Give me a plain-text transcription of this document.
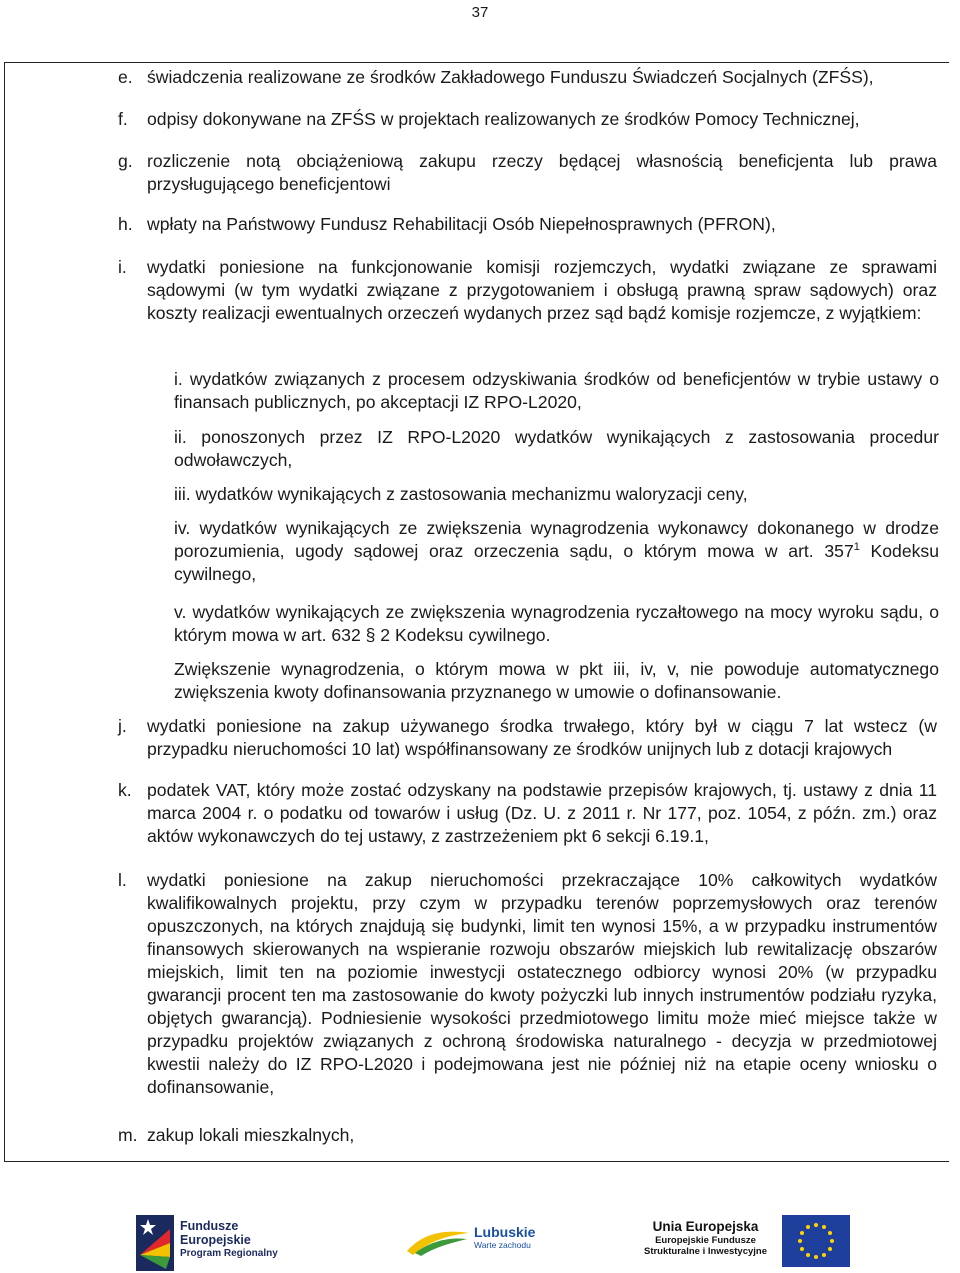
37
e. świadczenia realizowane ze środków Zakładowego Funduszu Świadczeń Socjalnych (ZFŚS),
f. odpisy dokonywane na ZFŚS w projektach realizowanych ze środków Pomocy Technicznej,
g. rozliczenie notą obciążeniową zakupu rzeczy będącej własnością beneficjenta lub prawa przysługującego beneficjentowi
h. wpłaty na Państwowy Fundusz Rehabilitacji Osób Niepełnosprawnych (PFRON),
i. wydatki poniesione na funkcjonowanie komisji rozjemczych, wydatki związane ze sprawami sądowymi (w tym wydatki związane z przygotowaniem i obsługą prawną spraw sądowych) oraz koszty realizacji ewentualnych orzeczeń wydanych przez sąd bądź komisje rozjemcze, z wyjątkiem:
i. wydatków związanych z procesem odzyskiwania środków od beneficjentów w trybie ustawy o finansach publicznych, po akceptacji IZ RPO-L2020,
ii. ponoszonych przez IZ RPO-L2020 wydatków wynikających z zastosowania procedur odwoławczych,
iii. wydatków wynikających z zastosowania mechanizmu waloryzacji ceny,
iv. wydatków wynikających ze zwiększenia wynagrodzenia wykonawcy dokonanego w drodze porozumienia, ugody sądowej oraz orzeczenia sądu, o którym mowa w art. $357^1$ Kodeksu cywilnego,
v. wydatków wynikających ze zwiększenia wynagrodzenia ryczałtowego na mocy wyroku sądu, o którym mowa w art. 632 § 2 Kodeksu cywilnego.
Zwiększenie wynagrodzenia, o którym mowa w pkt iii, iv, v, nie powoduje automatycznego zwiększenia kwoty dofinansowania przyznanego w umowie o dofinansowanie.
j. wydatki poniesione na zakup używanego środka trwałego, który był w ciągu 7 lat wstecz (w przypadku nieruchomości 10 lat) współfinansowany ze środków unijnych lub z dotacji krajowych
k. podatek VAT, który może zostać odzyskany na podstawie przepisów krajowych, tj. ustawy z dnia 11 marca 2004 r. o podatku od towarów i usług (Dz. U. z 2011 r. Nr 177, poz. 1054, z późn. zm.) oraz aktów wykonawczych do tej ustawy, z zastrzeżeniem pkt 6 sekcji 6.19.1,
l. wydatki poniesione na zakup nieruchomości przekraczające 10% całkowitych wydatków kwalifikowalnych projektu, przy czym w przypadku terenów poprzemysłowych oraz terenów opuszczonych, na których znajdują się budynki, limit ten wynosi 15%, a w przypadku instrumentów finansowych skierowanych na wspieranie rozwoju obszarów miejskich lub rewitalizację obszarów miejskich, limit ten na poziomie inwestycji ostatecznego odbiorcy wynosi 20% (w przypadku gwarancji procent ten ma zastosowanie do kwoty pożyczki lub innych instrumentów podziału ryzyka, objętych gwarancją). Podniesienie wysokości przedmiotowego limitu może mieć miejsce także w przypadku projektów związanych z ochroną środowiska naturalnego - decyzja w przedmiotowej kwestii należy do IZ RPO-L2020 i podejmowana jest nie później niż na etapie oceny wniosku o dofinansowanie,
m. zakup lokali mieszkalnych,
Fundusze
Europejskie
Program Regionalny
Lubuskie
Warte zachodu
Unia Europejska
Europejskie Fundusze
Strukturalne i Inwestycyjne
